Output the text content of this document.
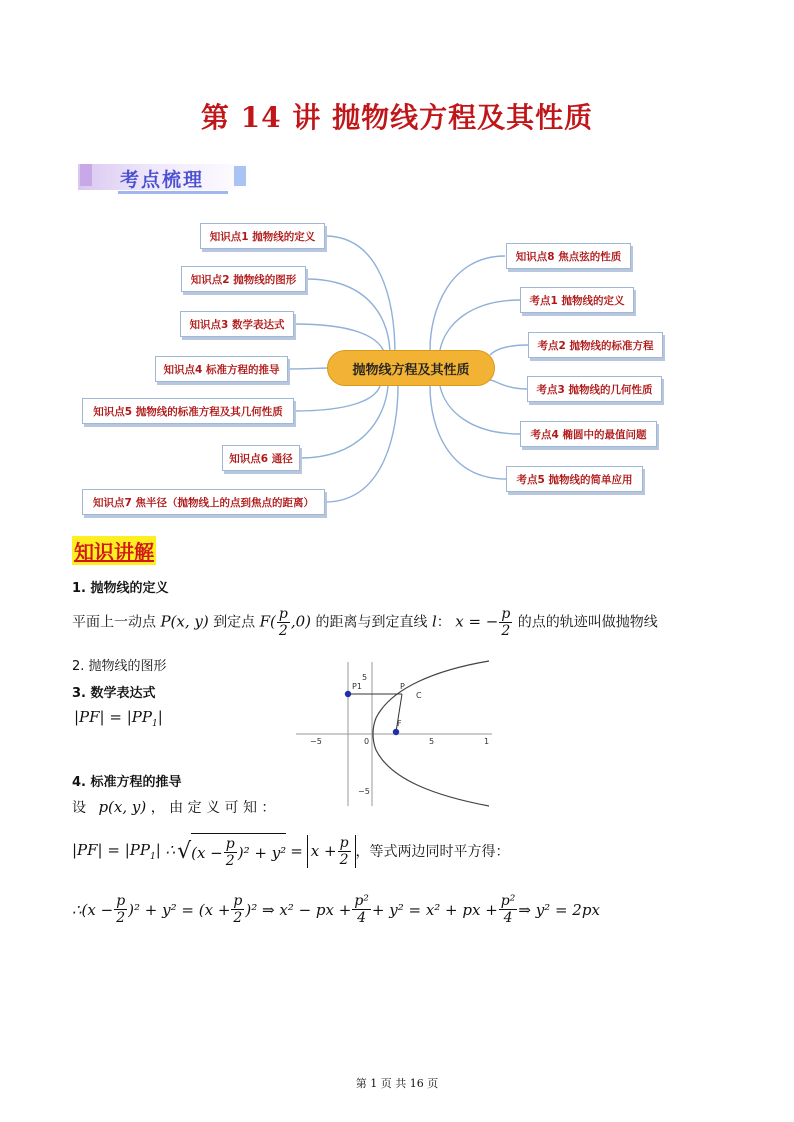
第 14 讲 抛物线方程及其性质
考点梳理
抛物线方程及其性质
知识点1 抛物线的定义
知识点2 抛物线的图形
知识点3 数学表达式
知识点4 标准方程的推导
知识点5 抛物线的标准方程及其几何性质
知识点6 通径
知识点7 焦半径（抛物线上的点到焦点的距离）
知识点8 焦点弦的性质
考点1 抛物线的定义
考点2 抛物线的标准方程
考点3 抛物线的几何性质
考点4 椭圆中的最值问题
考点5 抛物线的简单应用
知识讲解
1. 抛物线的定义
平面上一动点 P(x, y) 到定点 $F( \frac{p}{2} ,0)$ 的距离与到定直线 l： x = − $\frac{p}{2}$ 的点的轨迹叫做抛物线
2. 抛物线的图形
3. 数学表达式
$|PF| = |PP_1|$
−5	0	5	1
5
−5
P1	P
C
F
4. 标准方程的推导
设 p(x, y) ， 由 定 义 可 知 ：
$|PF| = |PP_1|$ ∴ √ $(x - \frac{p}{2} )^2 + y^2 = x + \frac{p}{2}$ ，等式两边同时平方得：
∴(x − $\frac{p}{2} )^2 + y^2 = (x + \frac{p}{2} )^2$ ⇒ x² − px + $\frac{\text{p²}}{4} + y^2 = x^2$ + px + $\frac{\text{p²}}{4}$ ⇒ y² = 2px
第 1 页 共 16 页
